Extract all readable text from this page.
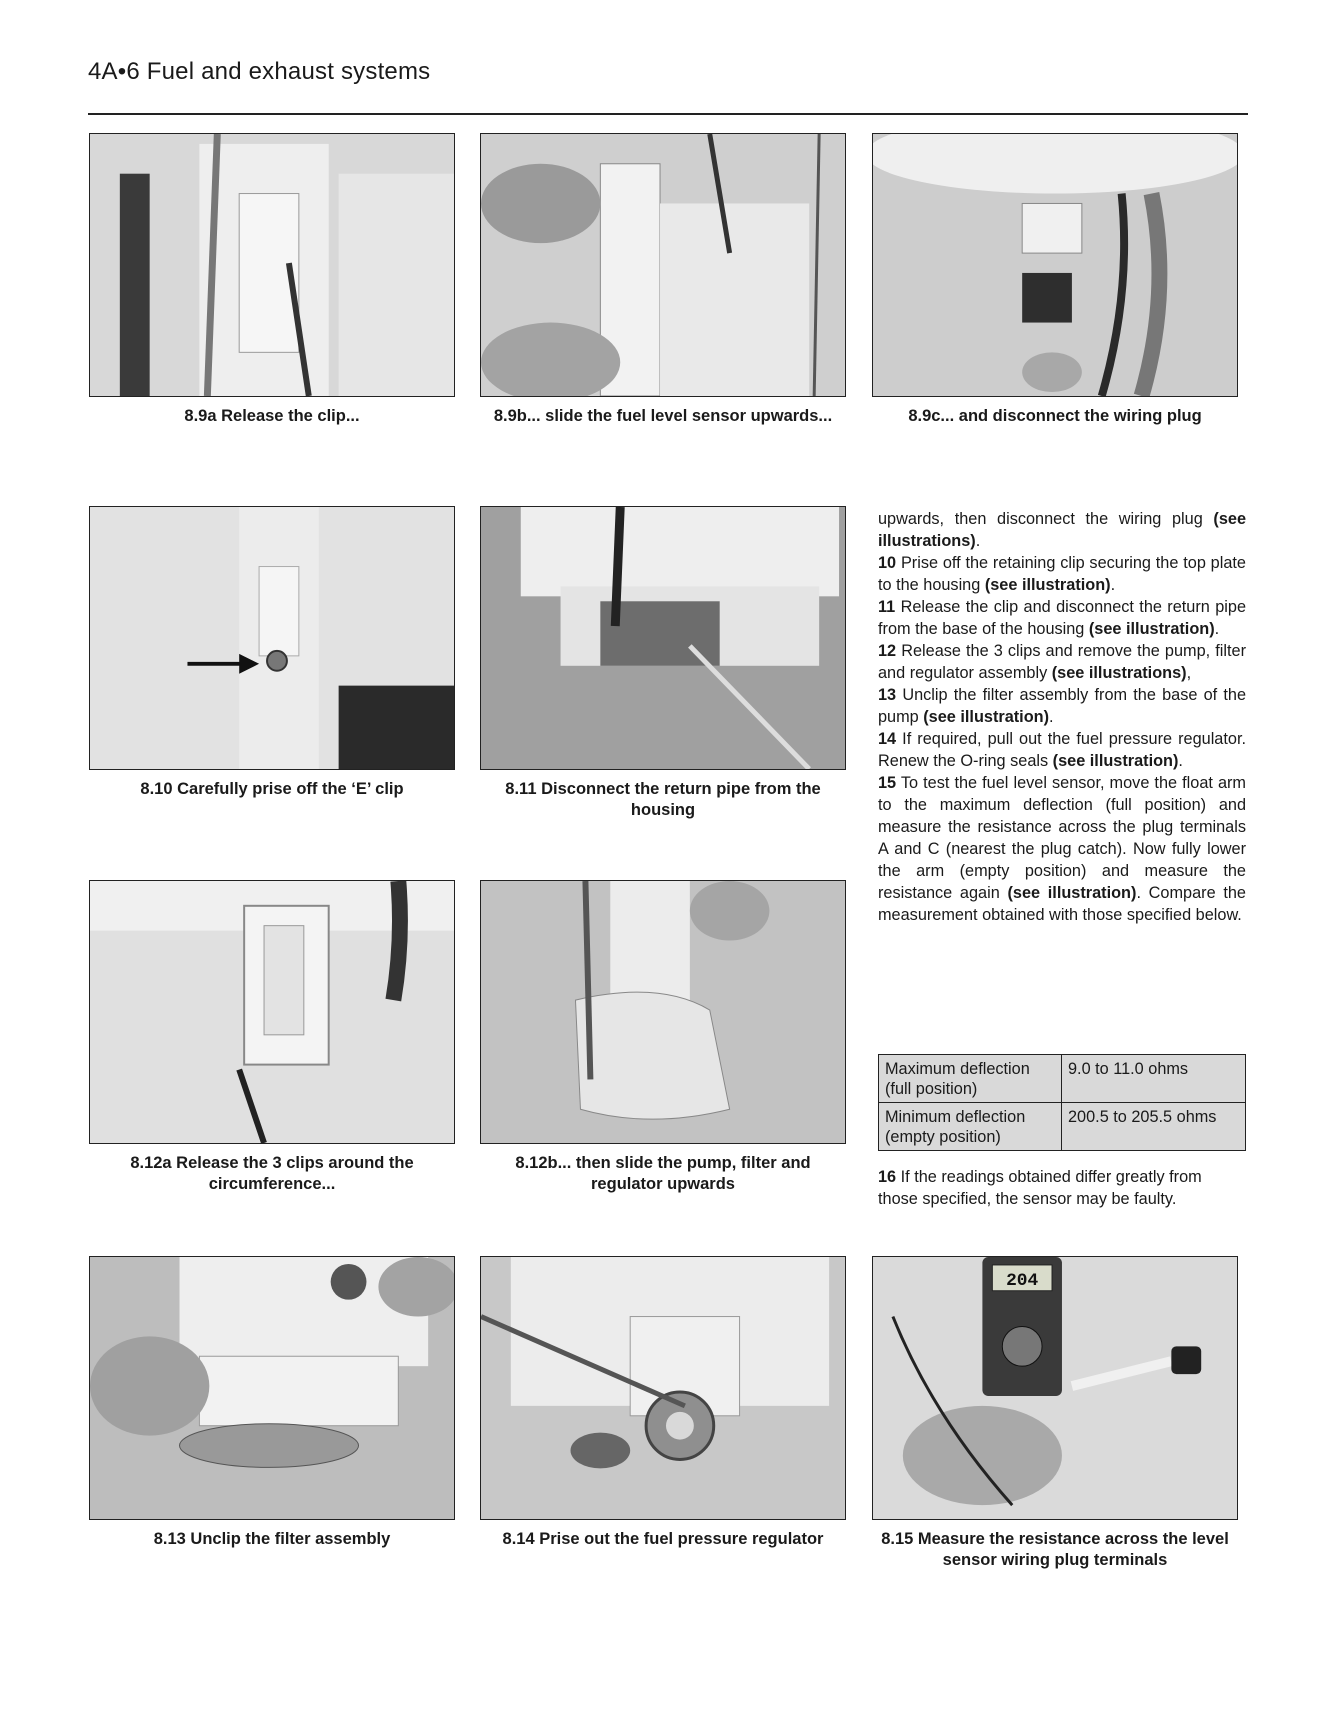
4A•6 Fuel and exhaust systems
8.9a Release the clip...	8.9b... slide the fuel level sensor upwards...	8.9c... and disconnect the wiring plug
8.10 Carefully prise off the ‘E’ clip	8.11 Disconnect the return pipe from the housing
8.12a Release the 3 clips around the circumference...
8.12b... then slide the pump, filter and regulator upwards
204
8.13 Unclip the filter assembly	8.14 Prise out the fuel pressure regulator	8.15 Measure the resistance across the level sensor wiring plug terminals

upwards, then disconnect the wiring plug (see illustrations).

10 Prise off the retaining clip securing the top plate to the housing (see illustration).

11 Release the clip and disconnect the return pipe from the base of the housing (see illustration).

12 Release the 3 clips and remove the pump, filter and regulator assembly (see illustrations),

13 Unclip the filter assembly from the base of the pump (see illustration).

14 If required, pull out the fuel pressure regulator. Renew the O-ring seals (see illustration).

15 To test the fuel level sensor, move the float arm to the maximum deflection (full position) and measure the resistance across the plug terminals A and C (nearest the plug catch). Now fully lower the arm (empty position) and measure the resistance again (see illustration). Compare the measurement obtained with those specified below.

Maximum deflection (full position)	9.0 to 11.0 ohms
Minimum deflection (empty position)	200.5 to 205.5 ohms

16 If the readings obtained differ greatly from those specified, the sensor may be faulty.
